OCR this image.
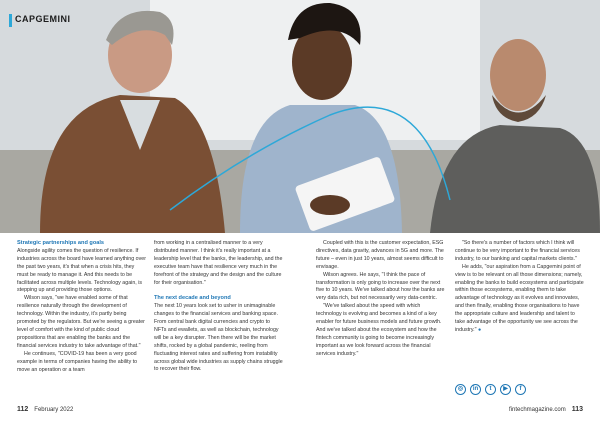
CAPGEMINI
Strategic partnerships and goals

Alongside agility comes the question of resilience. If industries across the board have learned anything over the past two years, it's that when a crisis hits, they must be ready to manage it. And this needs to be facilitated across multiple levels. Technology again, is stepping up and providing those options.

Wilson says, "we have enabled some of that resilience naturally through the development of technology. Within the industry, it's partly being promoted by the regulators. But we're seeing a greater level of comfort with the kind of public cloud propositions that are enabling the banks and the financial services industry to take advantage of that."

He continues, "COVID-19 has been a very good example in terms of companies having the ability to move an operation or a team

from working in a centralised manner to a very distributed manner. I think it's really important at a leadership level that the banks, the leadership, and the executive team have that resilience very much in the forefront of the strategy and the design and the culture for their organisation."

The next decade and beyond

The next 10 years look set to usher in unimaginable changes to the financial services and banking space. From central bank digital currencies and crypto to NFTs and ewallets, as well as blockchain, technology will be a key disrupter. Then there will be the market shifts, rocked by a global pandemic, reeling from fluctuating interest rates and suffering from instability across global wide industries as supply chains struggle to recover their flow.

Coupled with this is the customer expectation, ESG directives, data gravity, advances in 5G and more. The future – even in just 10 years, almost seems difficult to envisage.

Wilson agrees. He says, "I think the pace of transformation is only going to increase over the next five to 10 years. We've talked about how the banks are very data rich, but not necessarily very data-centric.

"We've talked about the speed with which technology is evolving and becomes a kind of a key enabler for future business models and future growth. And we've talked about the ecosystem and how the fintech community is going to become increasingly important as we look forward across the financial services industry."

"So there's a number of factors which I think will continue to be very important to the financial services industry, to our banking and capital markets clients."

He adds, "our aspiration from a Capgemini point of view is to be relevant on all those dimensions; namely, enabling the banks to build ecosystems and participate within those ecosystems, enabling them to take advantage of technology as it evolves and innovates, and then finally, enabling those organisations to have the appropriate culture and leadership and talent to take advantage of the opportunity we see across the industry." ●

◎	in	t	▶	f
112 February 2022	fintechmagazine.com 113
